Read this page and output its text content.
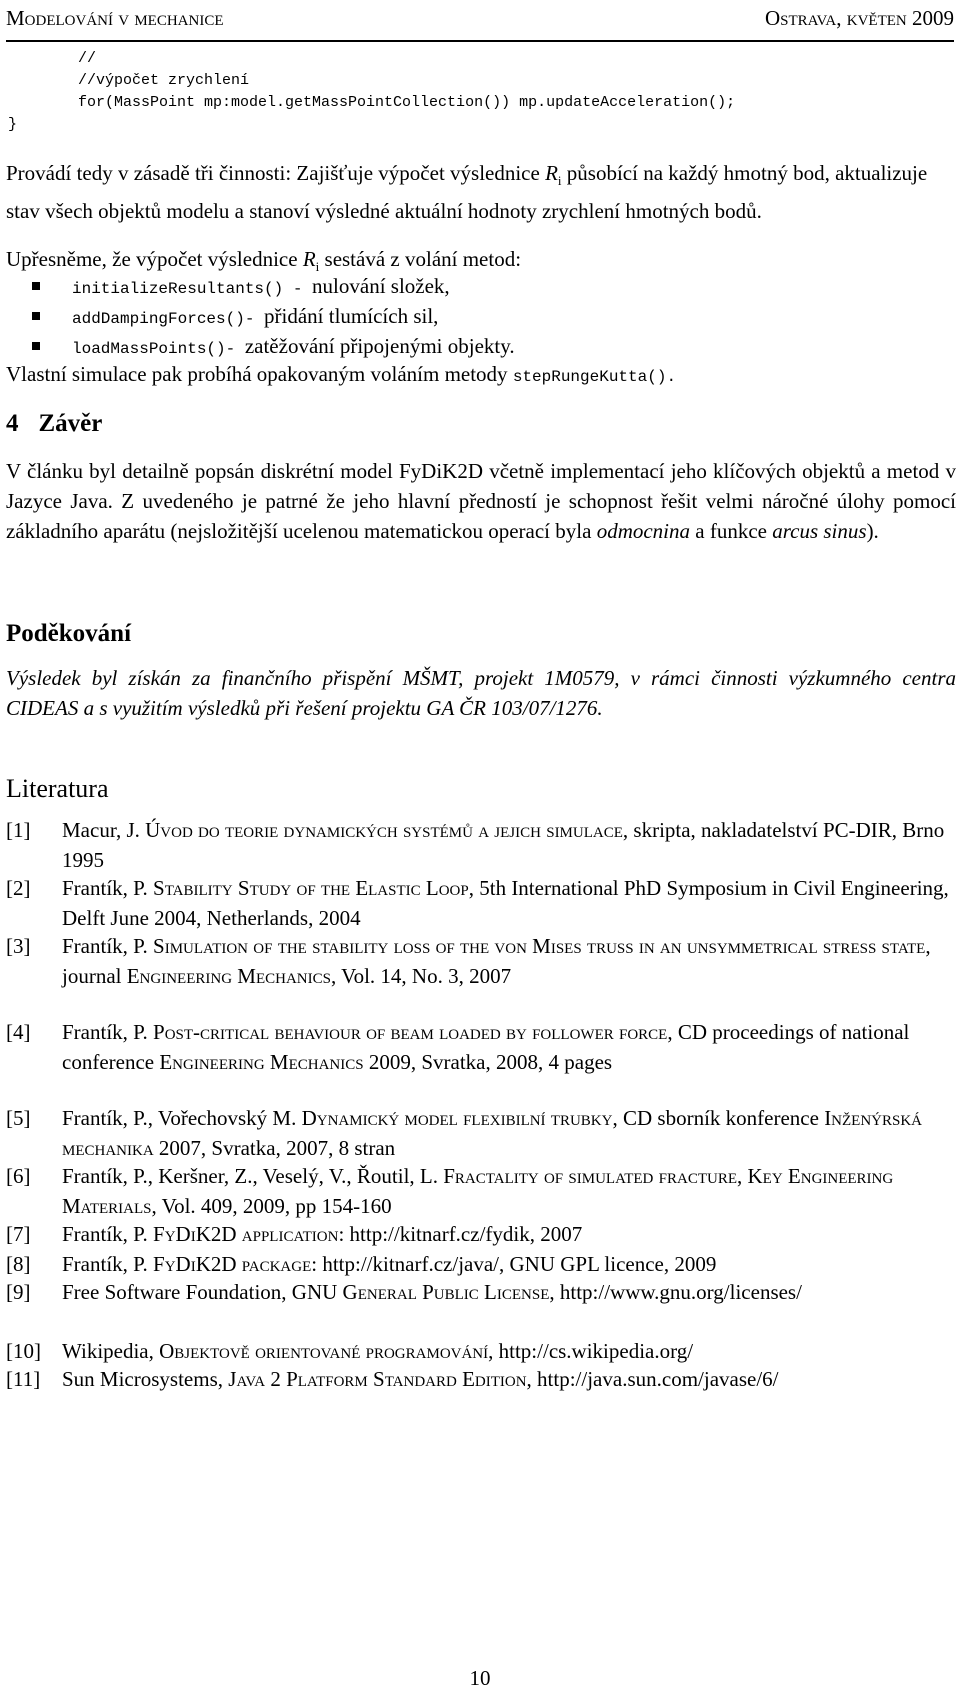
Modelování v mechanice	Ostrava, květen 2009
//
//výpočet zrychlení
for(MassPoint mp:model.getMassPointCollection()) mp.updateAcceleration();
}

Provádí tedy v zásadě tři činnosti: Zajišťuje výpočet výslednice $R_i$ působící na každý hmotný bod, aktualizuje stav všech objektů modelu a stanoví výsledné aktuální hodnoty zrychlení hmotných bodů.

Upřesněme, že výpočet výslednice $R_i$ sestává z volání metod:

initializeResultants() - nulování složek,
addDampingForces()- přidání tlumících sil,
loadMassPoints()- zatěžování připojenými objekty.

Vlastní simulace pak probíhá opakovaným voláním metody stepRungeKutta().

4 Závěr

V článku byl detailně popsán diskrétní model FyDiK2D včetně implementací jeho klíčových objektů a metod v Jazyce Java. Z uvedeného je patrné že jeho hlavní předností je schopnost řešit velmi náročné úlohy pomocí základního aparátu (nejsložitější ucelenou matematickou operací byla odmocnina a funkce arcus sinus).

Poděkování

Výsledek byl získán za finančního přispění MŠMT, projekt 1M0579, v rámci činnosti výzkumného centra CIDEAS a s využitím výsledků při řešení projektu GA ČR 103/07/1276.

Literatura
[1] Macur, J. Úvod do teorie dynamických systémů a jejich simulace, skripta, nakladatelství PC-DIR, Brno 1995
[2] Frantík, P. Stability Study of the Elastic Loop, 5th International PhD Symposium in Civil Engineering, Delft June 2004, Netherlands, 2004
[3] Frantík, P. Simulation of the stability loss of the von Mises truss in an unsymmetrical stress state, journal Engineering Mechanics, Vol. 14, No. 3, 2007
[4] Frantík, P. Post-critical behaviour of beam loaded by follower force, CD proceedings of national conference Engineering Mechanics 2009, Svratka, 2008, 4 pages
[5] Frantík, P., Vořechovský M. Dynamický model flexibilní trubky, CD sborník konference Inženýrská mechanika 2007, Svratka, 2007, 8 stran
[6] Frantík, P., Keršner, Z., Veselý, V., Řoutil, L. Fractality of simulated fracture, Key Engineering Materials, Vol. 409, 2009, pp 154-160
[7] Frantík, P. FyDiK2D application: http://kitnarf.cz/fydik, 2007
[8] Frantík, P. FyDiK2D package: http://kitnarf.cz/java/, GNU GPL licence, 2009
[9] Free Software Foundation, GNU General Public License, http://www.gnu.org/licenses/
[10] Wikipedia, Objektově orientované programování, http://cs.wikipedia.org/
[11] Sun Microsystems, Java 2 Platform Standard Edition, http://java.sun.com/javase/6/
10
